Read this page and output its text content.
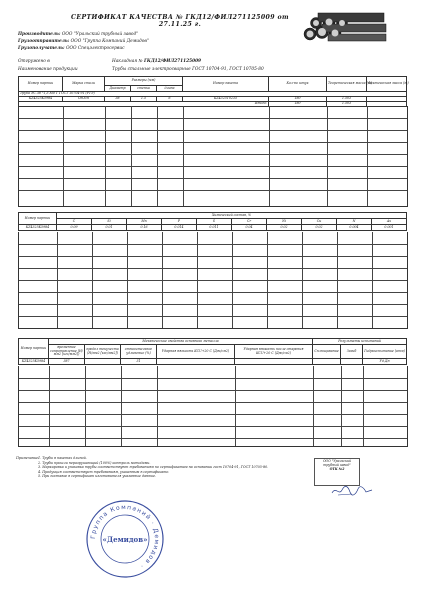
СЕРТИФИКАТ КАЧЕСТВА № ГКД12/ФИЛ271125009 от 27.11.25 г.
Производитель: ООО "Уральский трубный завод"
Грузоотправитель: ООО "Группа Компаний Демидов"
Грузополучатель: ООО Спецэлектросервис
Отгружено в	Накладная № ГКД12/ФИЛ271125009
Наименование продукции	Трубы стальные электросварные ГОСТ 10704-91, ГОСТ 10705-80
Номер партии	Марка стали	Размеры (мм)			Номер пакета	Кол-во штук	Теоретическая масса (т)	Фактическая масса (т)
		Диаметр	стенка	длина				
Труба ЭС 38 *1,5 Мд Т ГОСТ 10704-91 (РТЭ)								
KZ4325K5984	Ст3сп	38	1.5	6	KZ4325T0235	180	1.503	
Итого:						180	1.503	
Номер партии	Химический состав, %									
	C	Si	Mn	P	S	Cr	Ni	Cu	N	As
KZ4325K5984	0.09	0.01	0.16	0.014	0.011	0.04	0.02	0.02	0.004	0.001
Номер партии	Механические свойства основного металла					Результаты испытаний		
	временное сопротивление (Н/мм2 [кгс/мм2])	предел текучести (Н/мм2 [кгс/мм2])	относительное удлинение (%)	Ударная вязкость KCU+20 С (Дж/см2)	Ударная вязкость после старения KCU+20 С (Дж/см2)	Сплющивание	Загиб	Гидроиспытание (атм)
KZ4325K5984	387		31					Уд.Дн
Примечание:
1. Трубы в пакетах длиной.
2. Трубы прошли неразрушающий (100%) контроль методами.
3. Маркировка и упаковка трубы соответствуют требованиям по сертификатам на основании гост 10704-91, ГОСТ 10705-80.
4. Продукция соответствует требованиям, указанным в сертификате.
5. При поставке в сертификат изготовителя указанные данные.
ООО "Уральский
трубный завод"
ОТК №2
Группа Компаний · Демидов ·
«Демидов»
